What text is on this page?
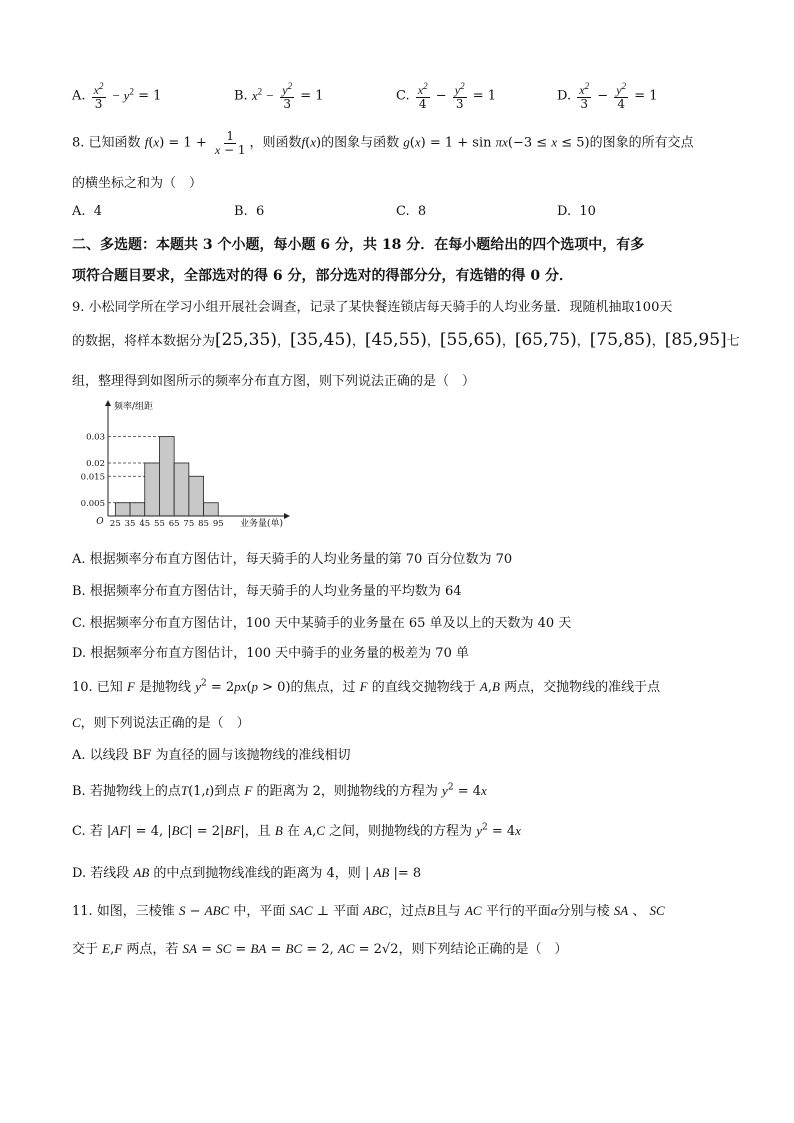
A. $\frac{x^2}{3} - y^2 = 1$	B. $x^2 - \frac{y^2}{3} = 1$	C. $\frac{x^2}{4} - \frac{y^2}{3} = 1$	D. $\frac{x^2}{3} - \frac{y^2}{4} = 1$
8. 已知函数 $f(x) = 1 + \frac{1}{x - 1}$ ，则函数f(x)的图象与函数 g(x) = 1 + sin πx(−3 ≤ x ≤ 5)的图象的所有交点
的横坐标之和为（　）
A. 4	B. 6	C. 8	D. 10
二、多选题：本题共 3 个小题，每小题 6 分，共 18 分．在每小题给出的四个选项中，有多
项符合题目要求，全部选对的得 6 分，部分选对的得部分分，有选错的得 0 分．
9. 小松同学所在学习小组开展社会调查，记录了某快餐连锁店每天骑手的人均业务量．现随机抽取100天
的数据，将样本数据分为[25,35)，[35,45)，[45,55)，[55,65)，[65,75)，[75,85)，[85,95]七
组，整理得到如图所示的频率分布直方图，则下列说法正确的是（　）
0.005
0.015
0.02
0.03
25 35 45 55 65 75 85 95
O
频率/组距
业务量(单)
A. 根据频率分布直方图估计，每天骑手的人均业务量的第 70 百分位数为 70
B. 根据频率分布直方图估计，每天骑手的人均业务量的平均数为 64
C. 根据频率分布直方图估计，100 天中某骑手的业务量在 65 单及以上的天数为 40 天
D. 根据频率分布直方图估计，100 天中骑手的业务量的极差为 70 单
10. 已知 F 是抛物线 $y^2 = 2px(p > 0)$的焦点，过 F 的直线交抛物线于 A,B 两点，交抛物线的准线于点
C，则下列说法正确的是（　）
A. 以线段 BF 为直径的圆与该抛物线的准线相切
B. 若抛物线上的点T(1,t)到点 F 的距离为 2，则抛物线的方程为 $y^2 = 4x$
C. 若 |AF| = 4, |BC| = 2|BF|，且 B 在 A,C 之间，则抛物线的方程为 $y^2 = 4x$
D. 若线段 AB 的中点到抛物线准线的距离为 4，则 | AB |= 8
11. 如图，三棱锥 S − ABC 中，平面 SAC ⊥ 平面 ABC，过点B且与 AC 平行的平面α分别与棱 SA 、 SC
交于 E,F 两点，若 SA = SC = BA = BC = 2, AC = 2√2，则下列结论正确的是（　）
